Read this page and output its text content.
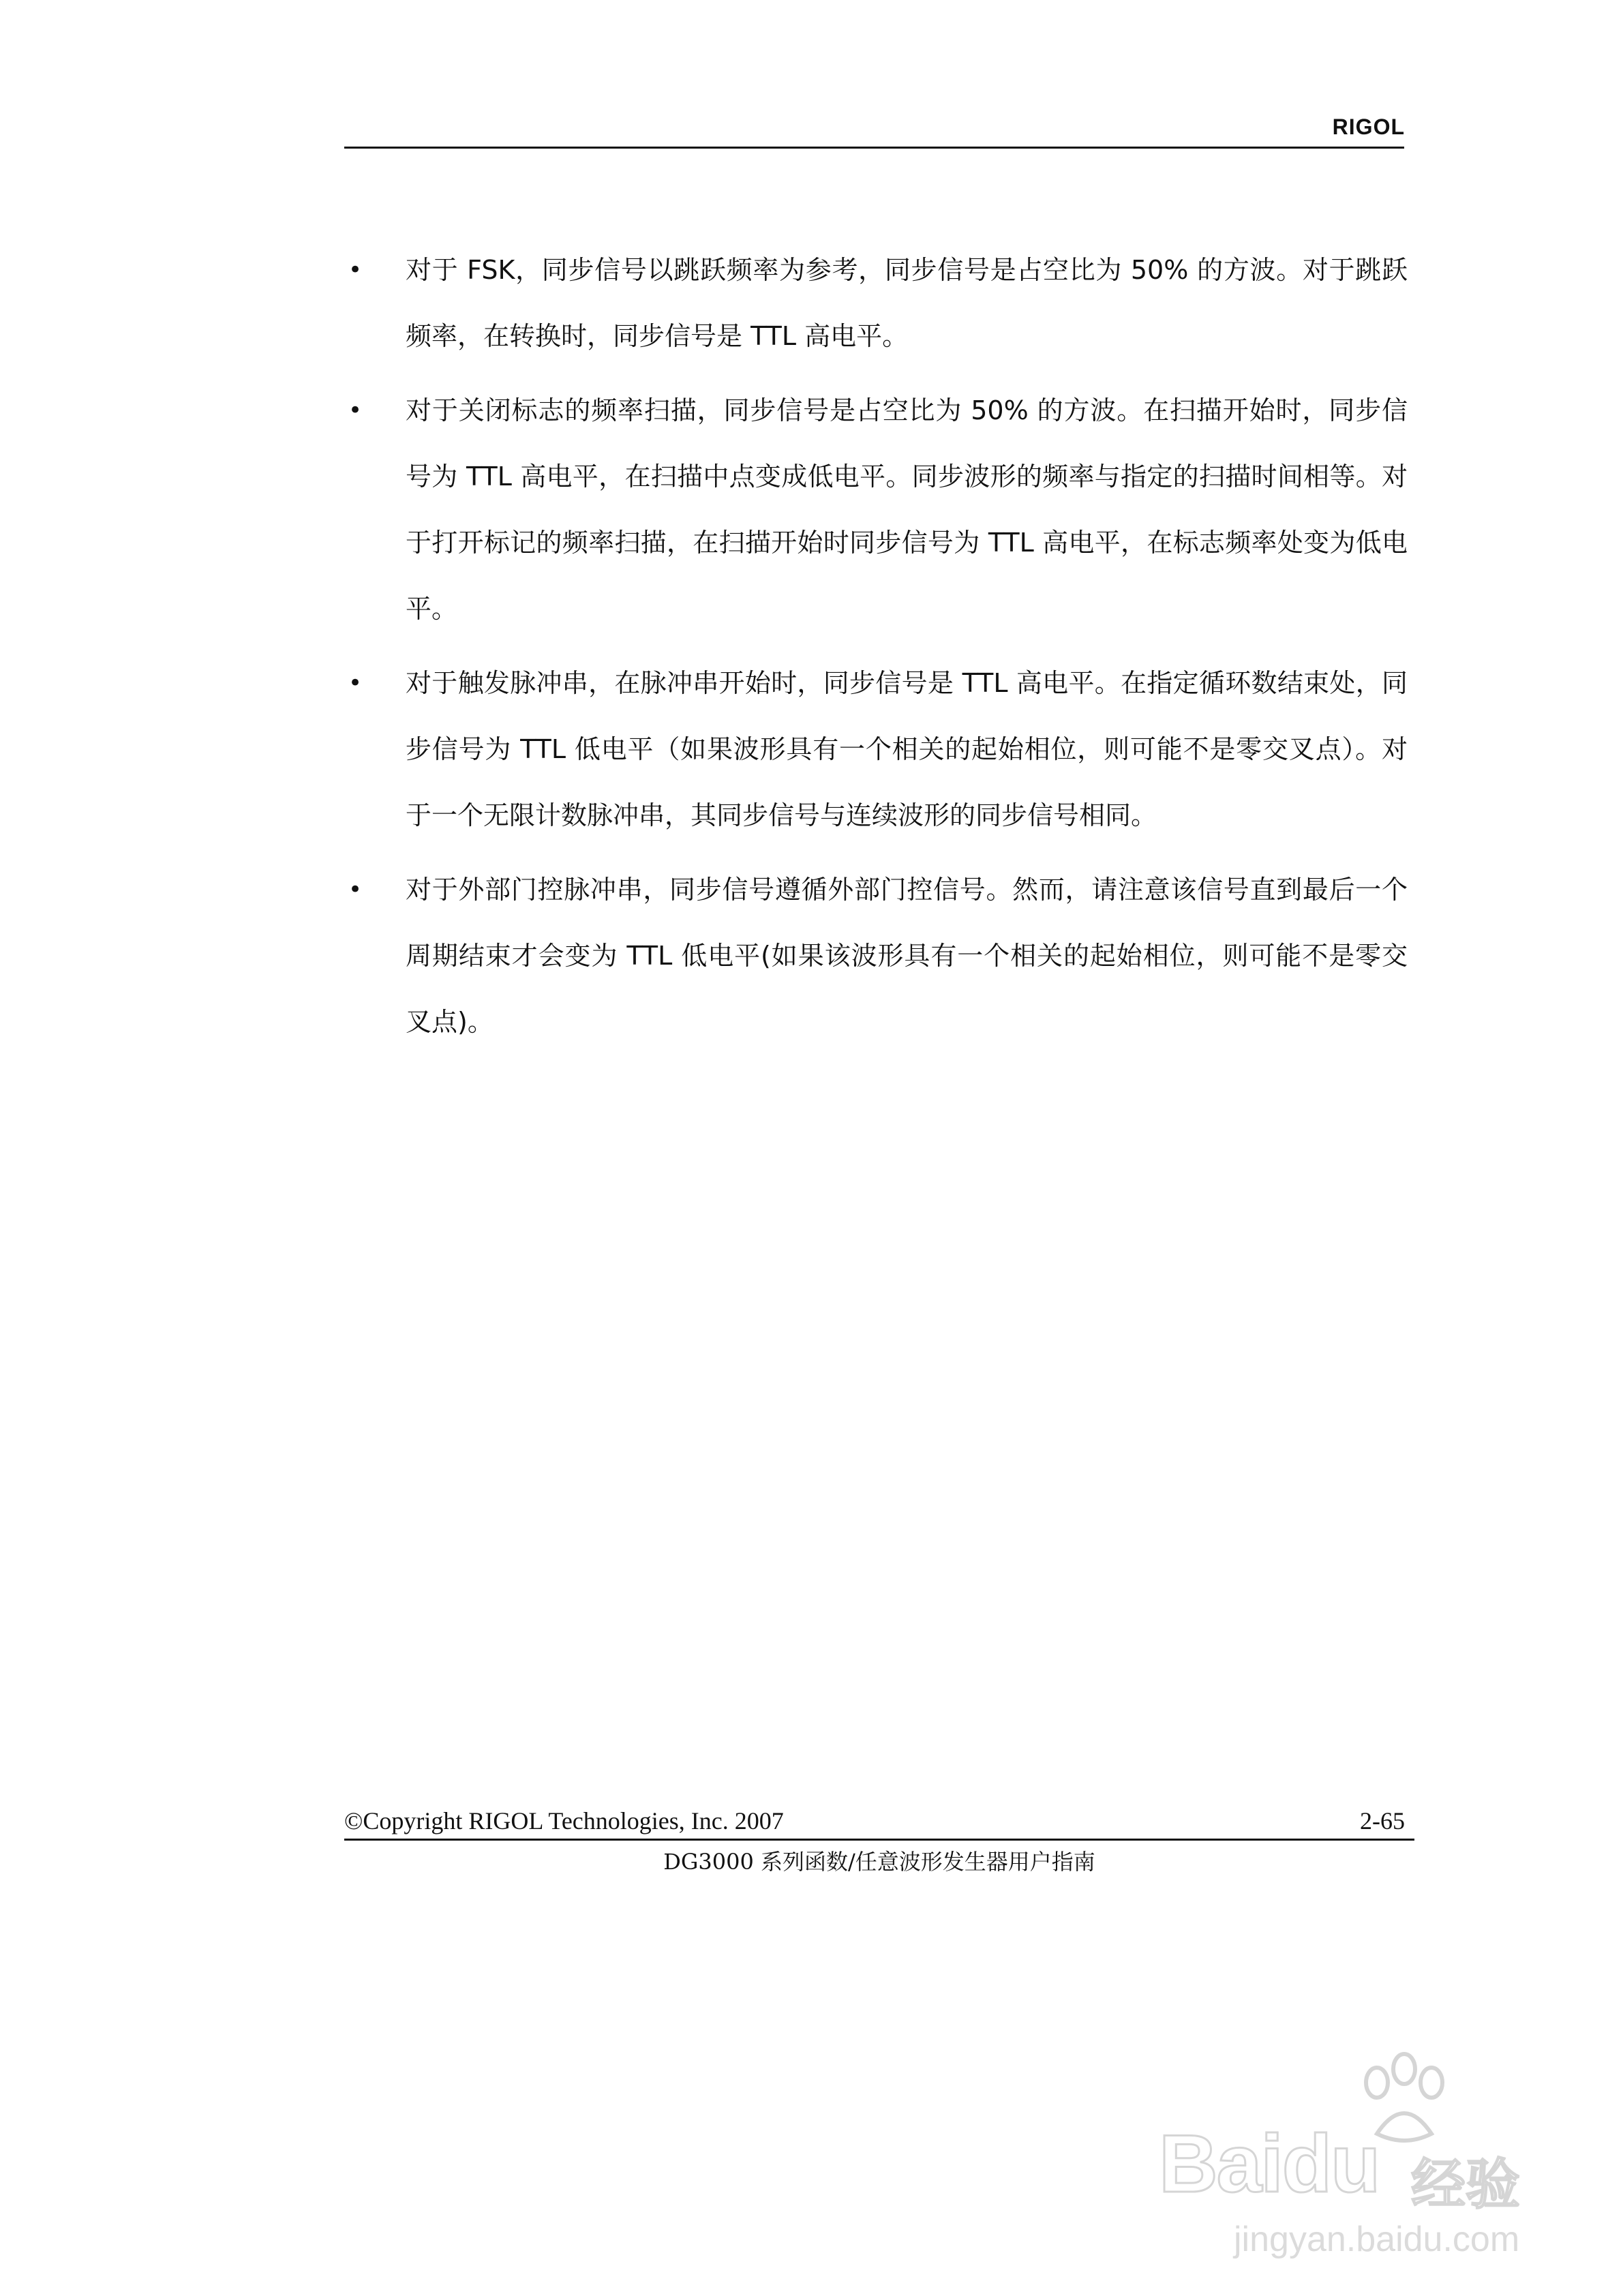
RIGOL
• 对于 FSK，同步信号以跳跃频率为参考，同步信号是占空比为 50% 的方波。对于跳跃频率，在转换时，同步信号是 TTL 高电平。
• 对于关闭标志的频率扫描，同步信号是占空比为 50% 的方波。在扫描开始时，同步信号为 TTL 高电平，在扫描中点变成低电平。同步波形的频率与指定的扫描时间相等。对于打开标记的频率扫描，在扫描开始时同步信号为 TTL 高电平，在标志频率处变为低电平。
• 对于触发脉冲串，在脉冲串开始时，同步信号是 TTL 高电平。在指定循环数结束处，同步信号为 TTL 低电平（如果波形具有一个相关的起始相位，则可能不是零交叉点）。对于一个无限计数脉冲串，其同步信号与连续波形的同步信号相同。
• 对于外部门控脉冲串，同步信号遵循外部门控信号。然而，请注意该信号直到最后一个周期结束才会变为 TTL 低电平(如果该波形具有一个相关的起始相位，则可能不是零交叉点)。
©Copyright RIGOL Technologies, Inc. 2007	2-65
DG3000 系列函数/任意波形发生器用户指南
Baidu 经验
jingyan.baidu.com
